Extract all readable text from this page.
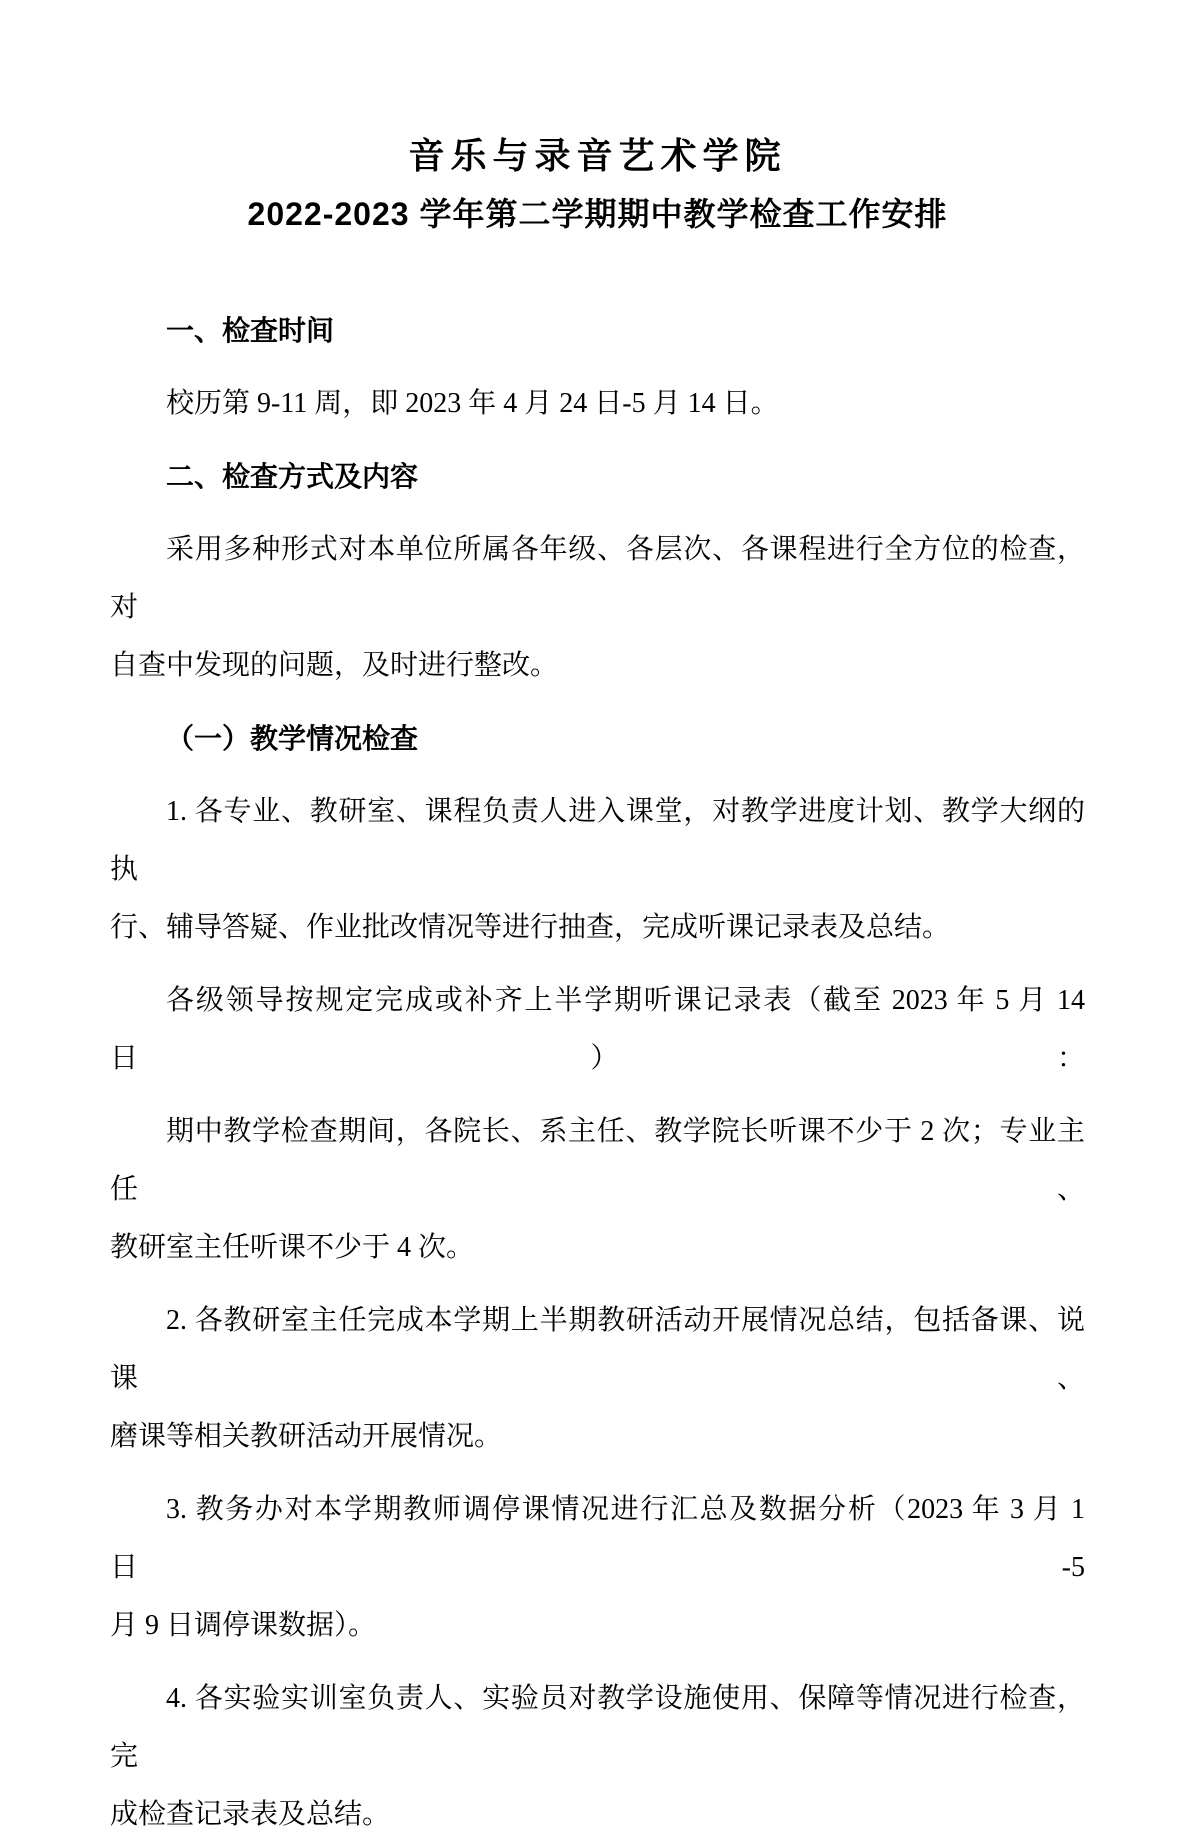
音乐与录音艺术学院
2022-2023 学年第二学期期中教学检查工作安排
一、检查时间
校历第 9-11 周，即 2023 年 4 月 24 日-5 月 14 日。
二、检查方式及内容
采用多种形式对本单位所属各年级、各层次、各课程进行全方位的检查，对
自查中发现的问题，及时进行整改。
（一）教学情况检查
1. 各专业、教研室、课程负责人进入课堂，对教学进度计划、教学大纲的执
行、辅导答疑、作业批改情况等进行抽查，完成听课记录表及总结。
各级领导按规定完成或补齐上半学期听课记录表（截至 2023 年 5 月 14 日）：
期中教学检查期间，各院长、系主任、教学院长听课不少于 2 次；专业主任、
教研室主任听课不少于 4 次。
2. 各教研室主任完成本学期上半期教研活动开展情况总结，包括备课、说课、
磨课等相关教研活动开展情况。
3. 教务办对本学期教师调停课情况进行汇总及数据分析（2023 年 3 月 1 日-5
月 9 日调停课数据）。
4. 各实验实训室负责人、实验员对教学设施使用、保障等情况进行检查，完
成检查记录表及总结。
